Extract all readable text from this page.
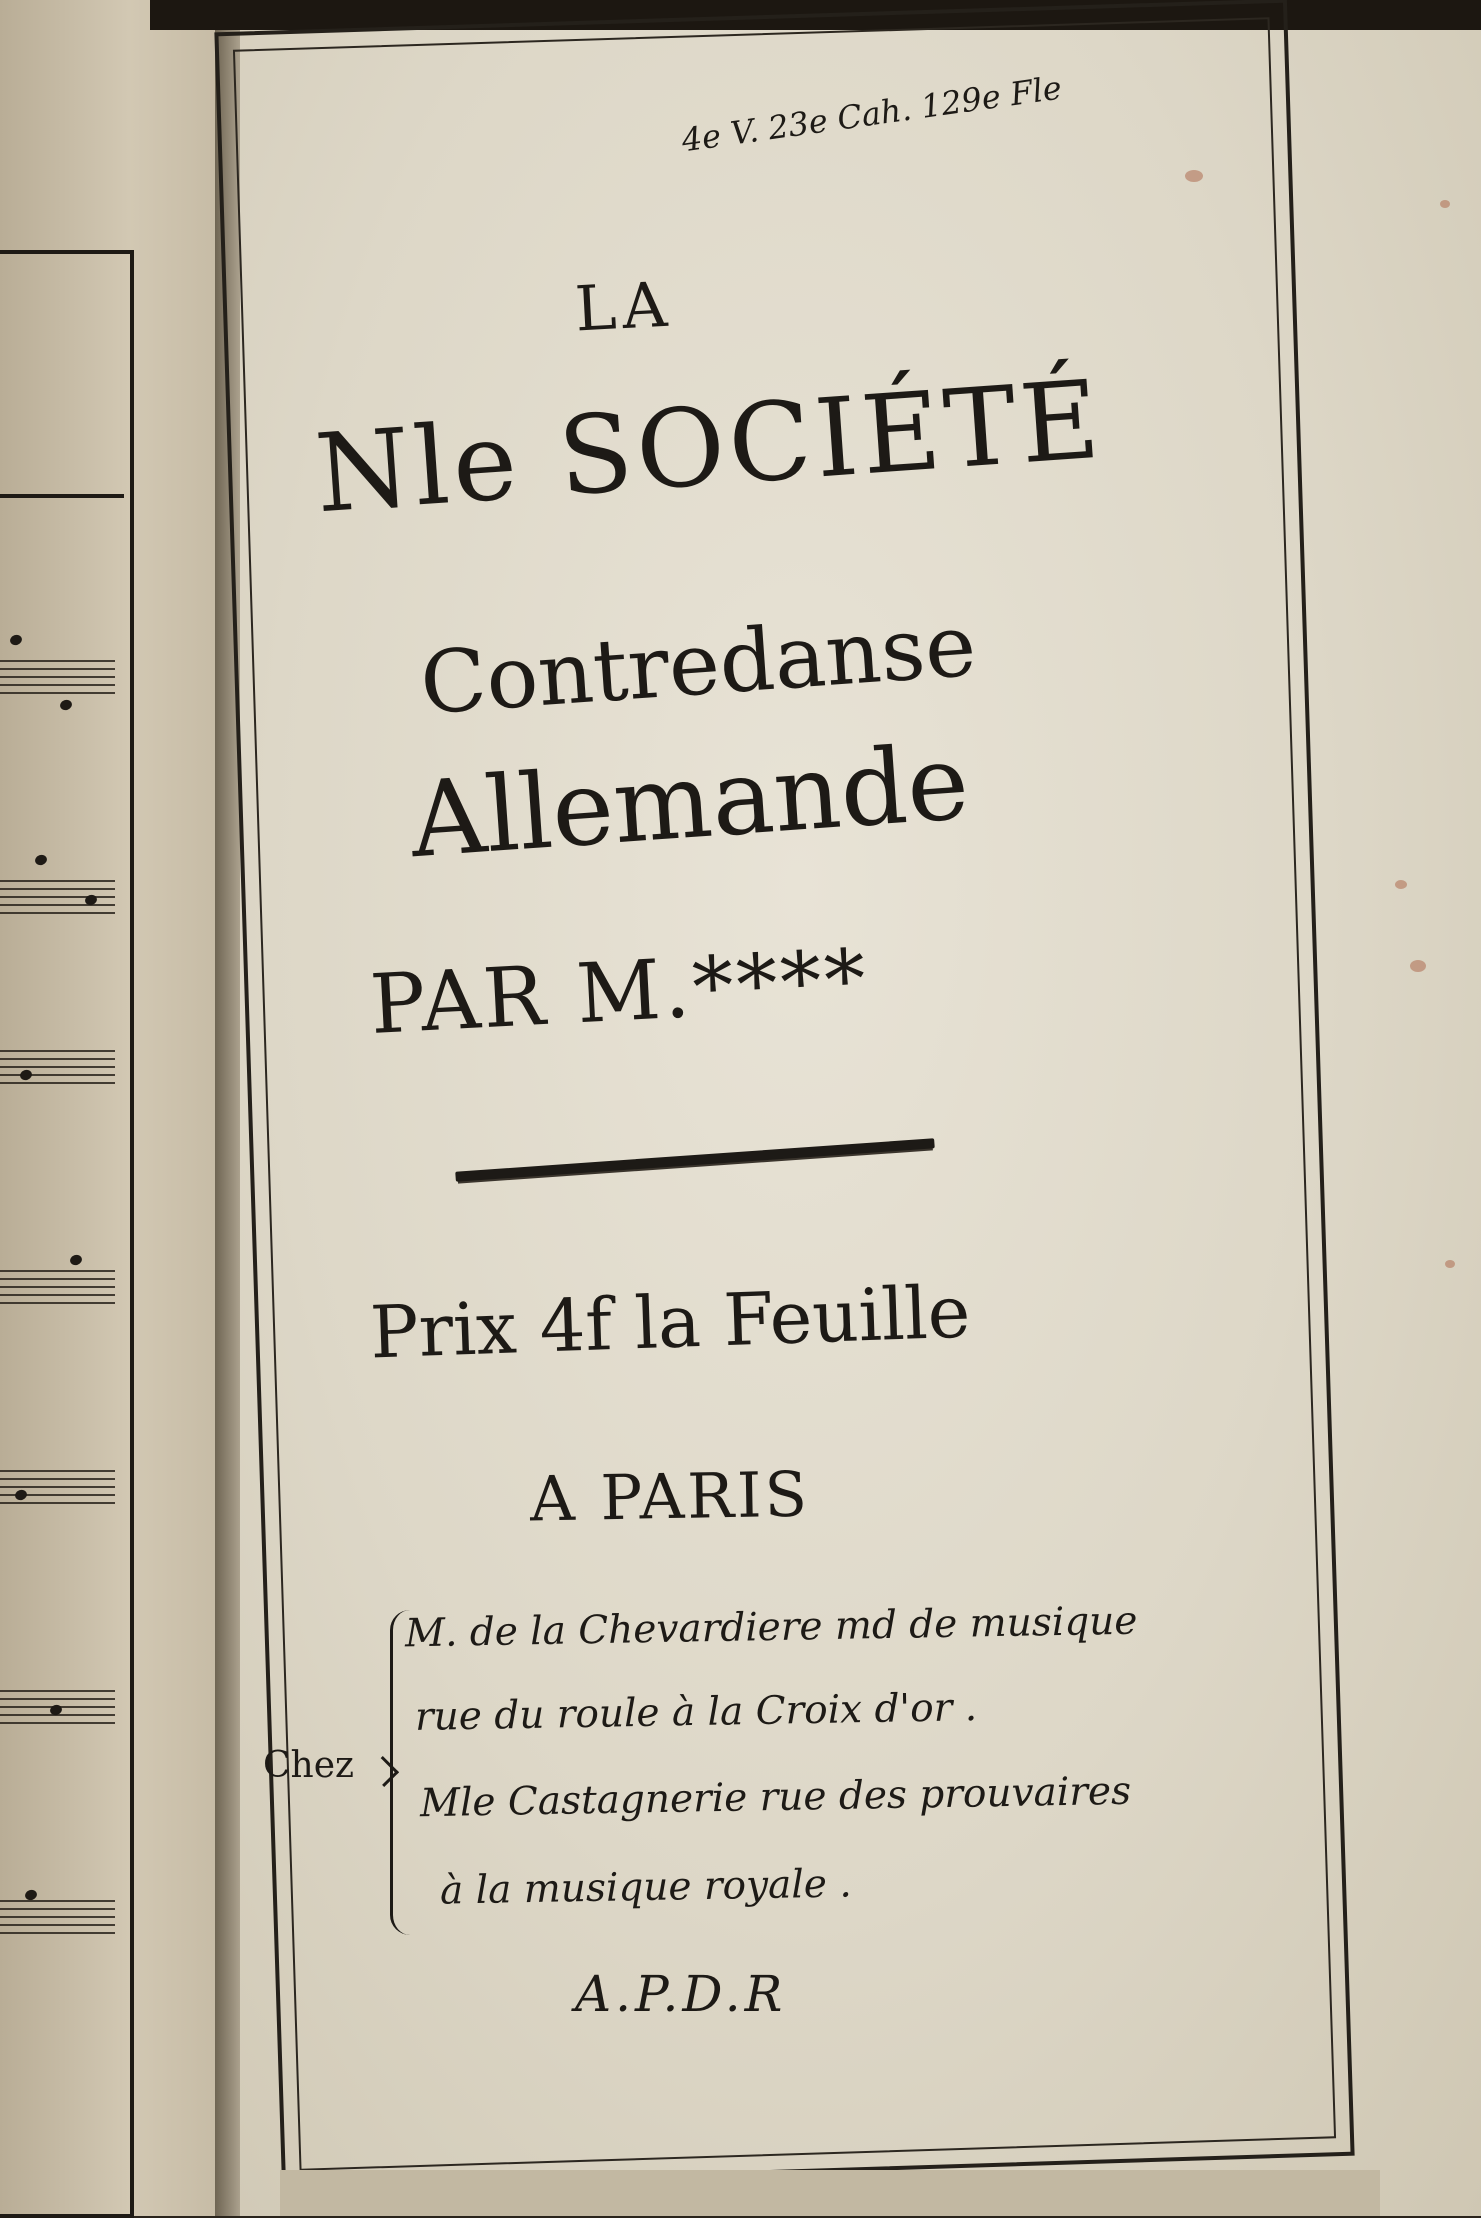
4e V. 23e Cah. 129e Fle
LA
Nle SOCIÉTÉ
Contredanse
Allemande
PAR M.****
Prix 4f la Feuille
A PARIS
Chez
M. de la Chevardiere md de musique
rue du roule à la Croix d'or .
Mle Castagnerie rue des prouvaires
à la musique royale .
A.P.D.R
